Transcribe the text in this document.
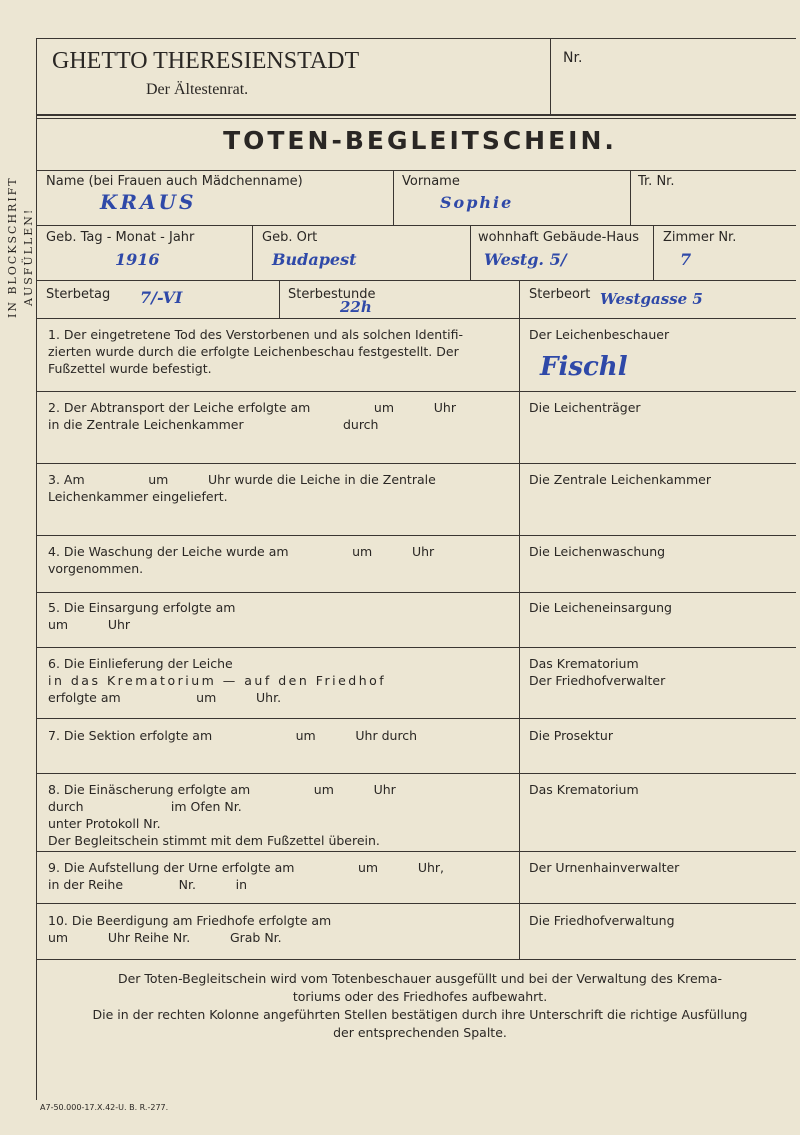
IN BLOCKSCHRIFT AUSFÜLLEN!
GHETTO THERESIENSTADT
Der Ältestenrat.
Nr.
TOTEN-BEGLEITSCHEIN.
Name (bei Frauen auch Mädchenname)
KRAUS
Vorname
Sophie
Tr. Nr.
Geb. Tag - Monat - Jahr
1916
Geb. Ort
Budapest
wohnhaft Gebäude-Haus
Westg. 5/
Zimmer Nr.
7
Sterbetag 7/-VI	Sterbestunde
22h
Sterbeort Westgasse 5
1. Der eingetretene Tod des Verstorbenen und als solchen Identifi-
zierten wurde durch die erfolgte Leichenbeschau festgestellt. Der
Fußzettel wurde befestigt.
2. Der Abtransport der Leiche erfolgte am                um          Uhr
in die Zentrale Leichenkammer                         durch
3. Am                um          Uhr wurde die Leiche in die Zentrale
Leichenkammer eingeliefert.
4. Die Waschung der Leiche wurde am                um          Uhr
vorgenommen.
5. Die Einsargung erfolgte am
um          Uhr
6. Die Einlieferung der Leiche
in das Krematorium — auf den Friedhof
erfolgte am                   um          Uhr.
7. Die Sektion erfolgte am                     um          Uhr durch
8. Die Einäscherung erfolgte am                um          Uhr
durch                      im Ofen Nr.
unter Protokoll Nr.
Der Begleitschein stimmt mit dem Fußzettel überein.
9. Die Aufstellung der Urne erfolgte am                um          Uhr,
in der Reihe              Nr.          in
10. Die Beerdigung am Friedhofe erfolgte am
um          Uhr Reihe Nr.          Grab Nr.
Der Leichenbeschauer
Fischl
Die Leichenträger
Die Zentrale Leichenkammer
Die Leichenwaschung
Die Leicheneinsargung
Das Krematorium
Der Friedhofverwalter
Die Prosektur
Das Krematorium
Der Urnenhainverwalter
Die Friedhofverwaltung
Der Toten-Begleitschein wird vom Totenbeschauer ausgefüllt und bei der Verwaltung des Krema-
toriums oder des Friedhofes aufbewahrt.
Die in der rechten Kolonne angeführten Stellen bestätigen durch ihre Unterschrift die richtige Ausfüllung
der entsprechenden Spalte.
A7-50.000-17.X.42-U. B. R.-277.
